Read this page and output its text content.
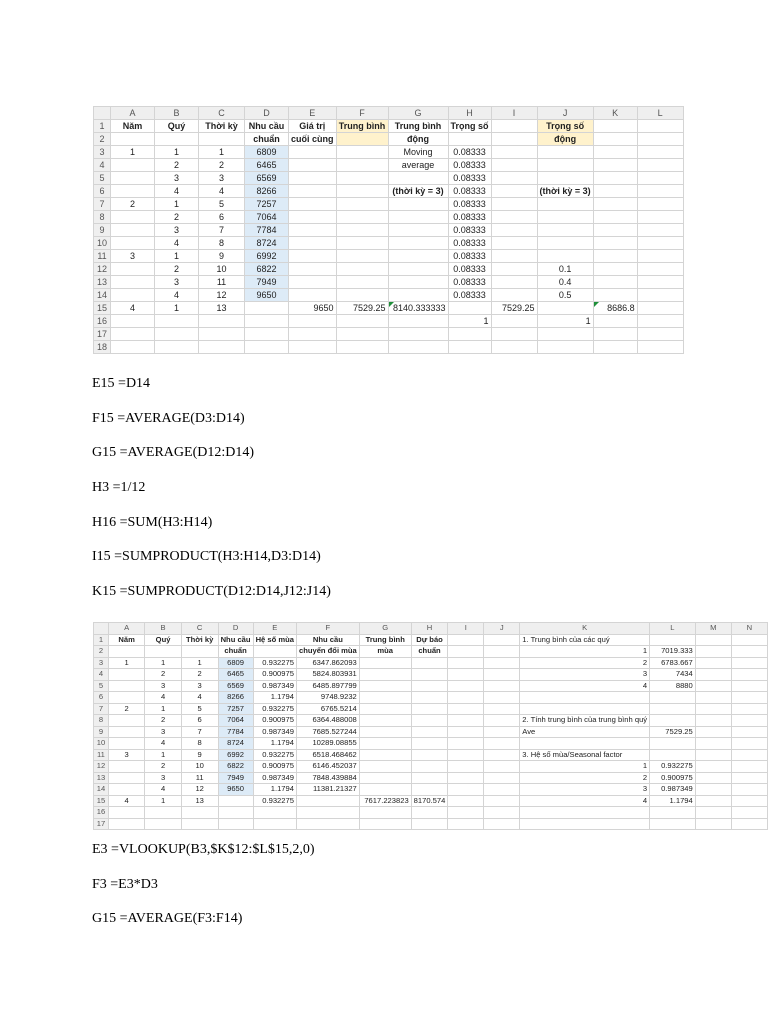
	A	B	C	D	E	F	G	H	I	J	K	L
1	Năm	Quý	Thời kỳ	Nhu cầu	Giá trị	Trung bình	Trung bình	Trọng số		Trọng số		
2				chuẩn	cuối cùng		động			động		
3	1	1	1	6809			Moving	0.08333				
4		2	2	6465			average	0.08333				
5		3	3	6569				0.08333				
6		4	4	8266			(thời kỳ = 3)	0.08333		(thời kỳ = 3)		
7	2	1	5	7257				0.08333				
8		2	6	7064				0.08333				
9		3	7	7784				0.08333				
10		4	8	8724				0.08333				
11	3	1	9	6992				0.08333				
12		2	10	6822				0.08333		0.1		
13		3	11	7949				0.08333		0.4		
14		4	12	9650				0.08333		0.5		
15	4	1	13		9650	7529.25	8140.333333		7529.25		8686.8	
16								1		1		
17												
18												

E15 =D14

F15 =AVERAGE(D3:D14)

G15 =AVERAGE(D12:D14)

H3 =1/12

H16 =SUM(H3:H14)

I15 =SUMPRODUCT(H3:H14,D3:D14)

K15 =SUMPRODUCT(D12:D14,J12:J14)

	A	B	C	D	E	F	G	H	I	J	K	L	M	N
1	Năm	Quý	Thời kỳ	Nhu cầu	Hệ số mùa	Nhu cầu	Trung bình	Dự báo			1. Trung bình của các quý			
2				chuẩn		chuyển đổi mùa	mùa	chuẩn			1	7019.333		
3	1	1	1	6809	0.932275	6347.862093					2	6783.667		
4		2	2	6465	0.900975	5824.803931					3	7434		
5		3	3	6569	0.987349	6485.897799					4	8880		
6		4	4	8266	1.1794	9748.9232								
7	2	1	5	7257	0.932275	6765.5214								
8		2	6	7064	0.900975	6364.488008					2. Tính trung bình của trung bình quý			
9		3	7	7784	0.987349	7685.527244					Ave	7529.25		
10		4	8	8724	1.1794	10289.08855								
11	3	1	9	6992	0.932275	6518.468462					3. Hệ số mùa/Seasonal factor			
12		2	10	6822	0.900975	6146.452037					1	0.932275		
13		3	11	7949	0.987349	7848.439884					2	0.900975		
14		4	12	9650	1.1794	11381.21327					3	0.987349		
15	4	1	13		0.932275		7617.223823	8170.574			4	1.1794		
16														
17														

E3 =VLOOKUP(B3,$K$12:$L$15,2,0)

F3 =E3*D3

G15 =AVERAGE(F3:F14)
